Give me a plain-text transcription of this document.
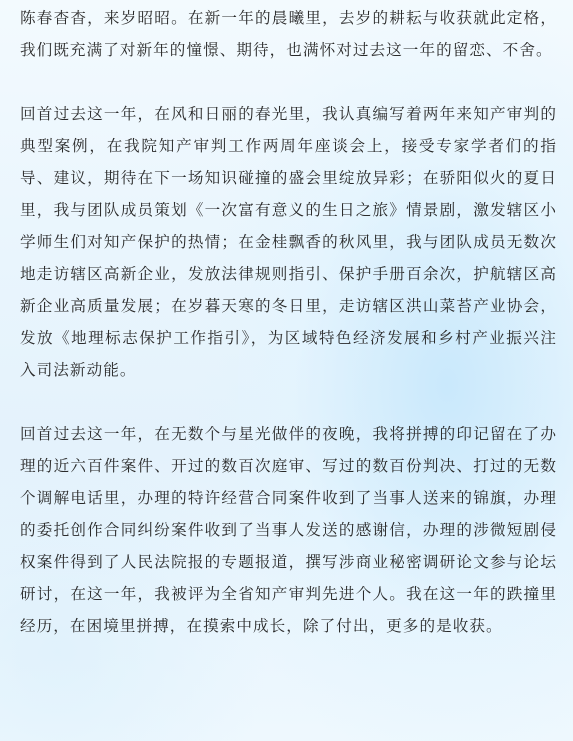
陈春杳杳，来岁昭昭。在新一年的晨曦里，去岁的耕耘与收获就此定格，我们既充满了对新年的憧憬、期待，也满怀对过去这一年的留恋、不舍。

回首过去这一年，在风和日丽的春光里，我认真编写着两年来知产审判的典型案例，在我院知产审判工作两周年座谈会上，接受专家学者们的指导、建议，期待在下一场知识碰撞的盛会里绽放异彩；在骄阳似火的夏日里，我与团队成员策划《一次富有意义的生日之旅》情景剧，激发辖区小学师生们对知产保护的热情；在金桂飘香的秋风里，我与团队成员无数次地走访辖区高新企业，发放法律规则指引、保护手册百余次，护航辖区高新企业高质量发展；在岁暮天寒的冬日里，走访辖区洪山菜苔产业协会，发放《地理标志保护工作指引》，为区域特色经济发展和乡村产业振兴注入司法新动能。

回首过去这一年，在无数个与星光做伴的夜晚，我将拼搏的印记留在了办理的近六百件案件、开过的数百次庭审、写过的数百份判决、打过的无数个调解电话里，办理的特许经营合同案件收到了当事人送来的锦旗，办理的委托创作合同纠纷案件收到了当事人发送的感谢信，办理的涉微短剧侵权案件得到了人民法院报的专题报道，撰写涉商业秘密调研论文参与论坛研讨，在这一年，我被评为全省知产审判先进个人。我在这一年的跌撞里经历，在困境里拼搏，在摸索中成长，除了付出，更多的是收获。
